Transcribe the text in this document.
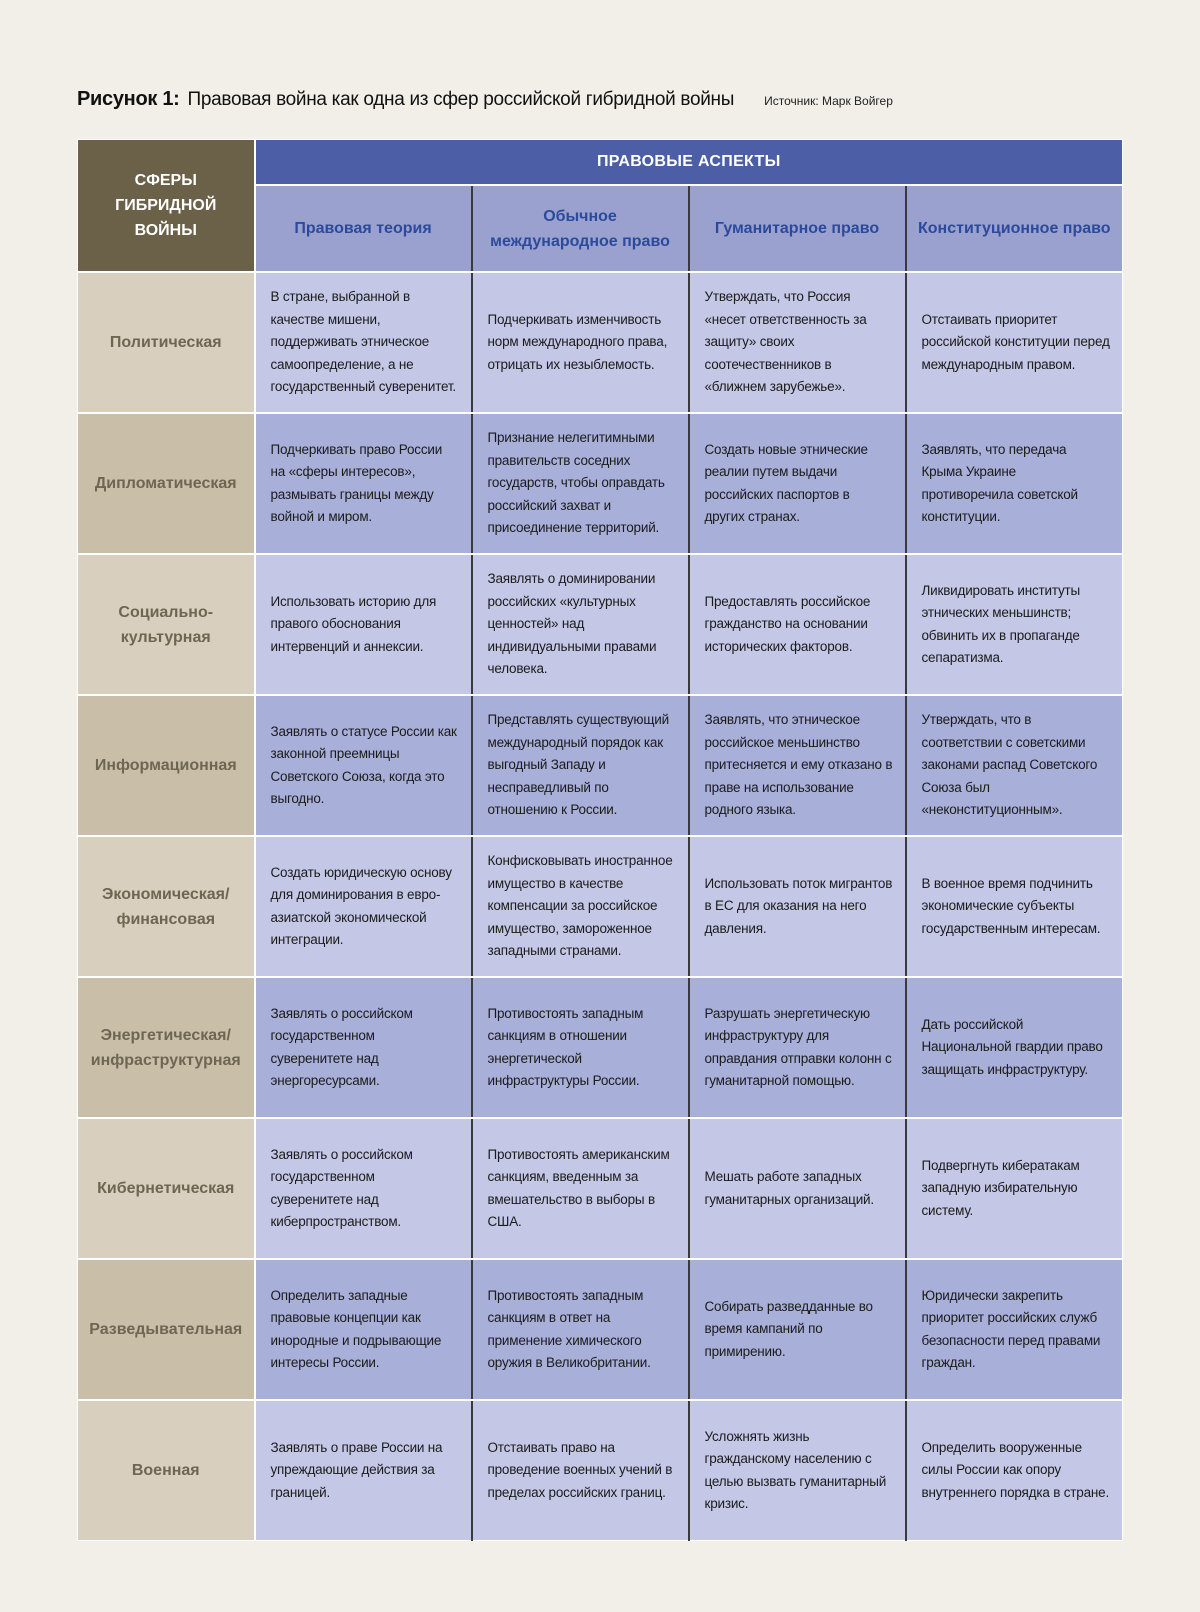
Рисунок 1: Правовая война как одна из сфер российской гибридной войны	Источник: Марк Войгер
СФЕРЫ ГИБРИДНОЙ ВОЙНЫ	ПРАВОВЫЕ АСПЕКТЫ			
	Правовая теория	Обычное международное право	Гуманитарное право	Конституционное право
Политическая	В стране, выбранной в качестве мишени, поддерживать этническое самоопределение, а не государственный суверенитет.	Подчеркивать изменчивость норм международного права, отрицать их незыблемость.	Утверждать, что Россия «несет ответственность за защиту» своих соотечественников в «ближнем зарубежье».	Отстаивать приоритет российской конституции перед международным правом.
Дипломатическая	Подчеркивать право России на «сферы интересов», размывать границы между войной и миром.	Признание нелегитимными правительств соседних государств, чтобы оправдать российский захват и присоединение территорий.	Создать новые этнические реалии путем выдачи российских паспортов в других странах.	Заявлять, что передача Крыма Украине противоречила советской конституции.
Социально-культурная	Использовать историю для правого обоснования интервенций и аннексии.	Заявлять о доминировании российских «культурных ценностей» над индивидуальными правами человека.	Предоставлять российское гражданство на основании исторических факторов.	Ликвидировать институты этнических меньшинств; обвинить их в пропаганде сепаратизма.
Информационная	Заявлять о статусе России как законной преемницы Советского Союза, когда это выгодно.	Представлять существующий международный порядок как выгодный Западу и несправедливый по отношению к России.	Заявлять, что этническое российское меньшинство притесняется и ему отказано в праве на использование родного языка.	Утверждать, что в соответствии с советскими законами распад Советского Союза был «неконституционным».
Экономическая/ финансовая	Создать юридическую основу для доминирования в евро-азиатской экономической интеграции.	Конфисковывать иностранное имущество в качестве компенсации за российское имущество, замороженное западными странами.	Использовать поток мигрантов в ЕС для оказания на него давления.	В военное время подчинить экономические субъекты государственным интересам.
Энергетическая/ инфраструктурная	Заявлять о российском государственном суверенитете над энергоресурсами.	Противостоять западным санкциям в отношении энергетической инфраструктуры России.	Разрушать энергетическую инфраструктуру для оправдания отправки колонн с гуманитарной помощью.	Дать российской Национальной гвардии право защищать инфраструктуру.
Кибернетическая	Заявлять о российском государственном суверенитете над киберпространством.	Противостоять американским санкциям, введенным за вмешательство в выборы в США.	Мешать работе западных гуманитарных организаций.	Подвергнуть кибератакам западную избирательную систему.
Разведывательная	Определить западные правовые концепции как инородные и подрывающие интересы России.	Противостоять западным санкциям в ответ на применение химического оружия в Великобритании.	Собирать разведданные во время кампаний по примирению.	Юридически закрепить приоритет российских служб безопасности перед правами граждан.
Военная	Заявлять о праве России на упреждающие действия за границей.	Отстаивать право на проведение военных учений в пределах российских границ.	Усложнять жизнь гражданскому населению с целью вызвать гуманитарный кризис.	Определить вооруженные силы России как опору внутреннего порядка в стране.
